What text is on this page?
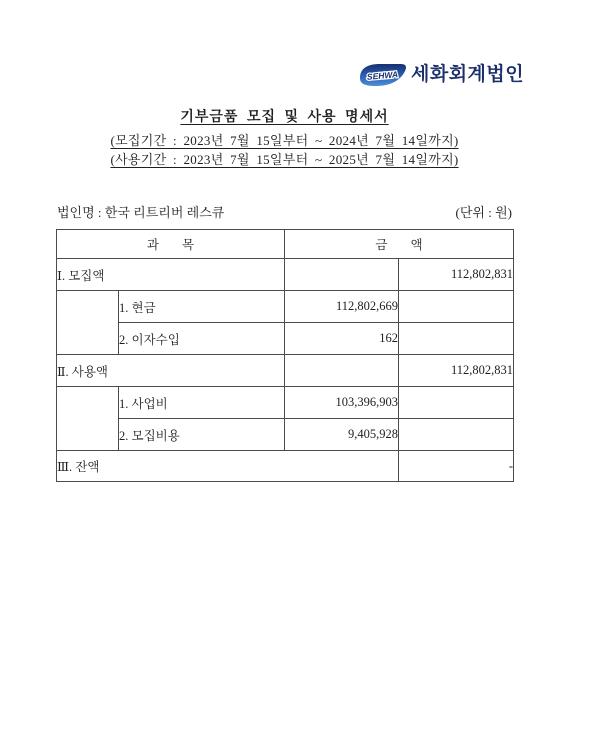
SEHWA 세화회계법인
기부금품 모집 및 사용 명세서
(모집기간 : 2023년 7월 15일부터 ~ 2024년 7월 14일까지)
(사용기간 : 2023년 7월 15일부터 ~ 2025년 7월 14일까지)
법인명 : 한국 리트리버 레스큐	(단위 : 원)
과 목		금 액	
Ⅰ. 모집액			112,802,831
	1. 현금	112,802,669	
	2. 이자수입	162	
Ⅱ. 사용액			112,802,831
	1. 사업비	103,396,903	
	2. 모집비용	9,405,928	
Ⅲ. 잔액			-
